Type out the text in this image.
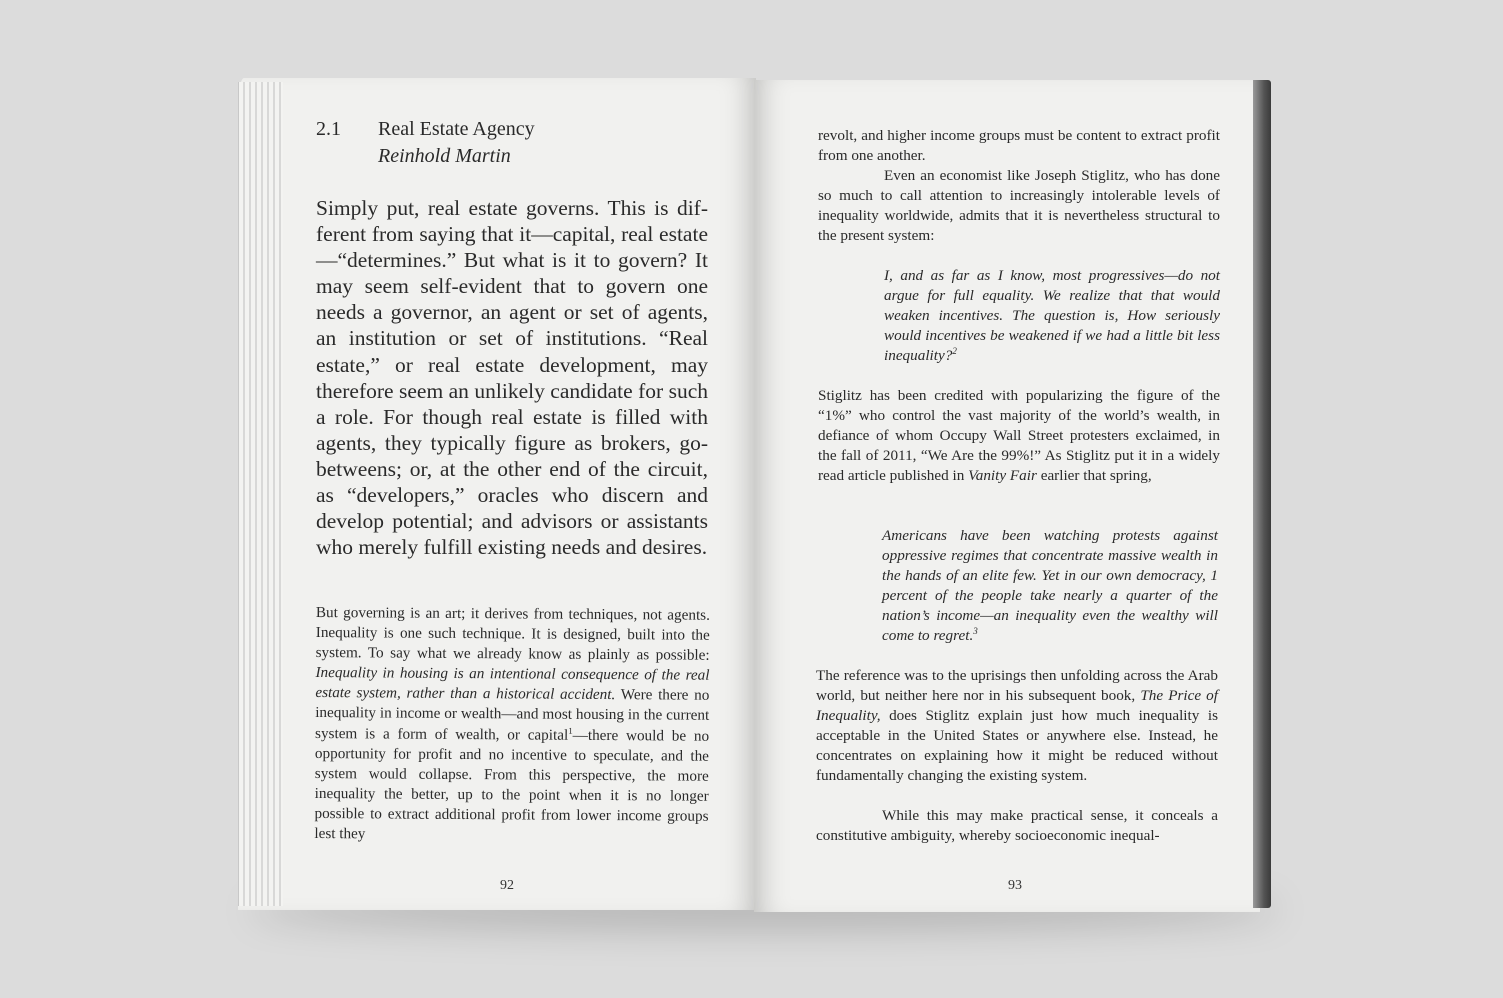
2.1 Real Estate Agency
Reinhold Martin
Simply put, real estate governs. This is different from saying that it—capital, real estate—“determines.” But what is it to govern? It may seem self-evident that to govern one needs a governor, an agent or set of agents, an institution or set of institutions. “Real estate,” or real estate development, may therefore seem an unlikely candidate for such a role. For though real estate is filled with agents, they typically figure as brokers, go-betweens; or, at the other end of the circuit, as “developers,” oracles who discern and develop potential; and advisors or assistants who merely fulfill existing needs and desires.
But governing is an art; it derives from techniques, not agents. Inequality is one such technique. It is designed, built into the system. To say what we already know as plainly as possible: Inequality in housing is an intentional consequence of the real estate system, rather than a historical accident. Were there no inequality in income or wealth—and most housing in the current system is a form of wealth, or capital$^1$—there would be no opportunity for profit and no incentive to speculate, and the system would collapse. From this perspective, the more inequality the better, up to the point when it is no longer possible to extract additional profit from lower income groups lest they
92
revolt, and higher income groups must be content to extract profit from one another.
Even an economist like Joseph Stiglitz, who has done so much to call attention to increasingly intolerable levels of inequality worldwide, admits that it is nevertheless structural to the present system:
I, and as far as I know, most progressives—do not argue for full equality. We realize that that would weaken incentives. The question is, How seriously would incentives be weakened if we had a little bit less inequality?$^2$
Stiglitz has been credited with popularizing the figure of the “1%” who control the vast majority of the world’s wealth, in defiance of whom Occupy Wall Street protesters exclaimed, in the fall of 2011, “We Are the 99%!” As Stiglitz put it in a widely read article published in Vanity Fair earlier that spring,
Americans have been watching protests against oppressive regimes that concentrate massive wealth in the hands of an elite few. Yet in our own democracy, 1 percent of the people take nearly a quarter of the nation’s income—an inequality even the wealthy will come to regret.$^3$
The reference was to the uprisings then unfolding across the Arab world, but neither here nor in his subsequent book, The Price of Inequality, does Stiglitz explain just how much inequality is acceptable in the United States or anywhere else. Instead, he concentrates on explaining how it might be reduced without fundamentally changing the existing system.
While this may make practical sense, it conceals a constitutive ambiguity, whereby socioeconomic inequal-
93
